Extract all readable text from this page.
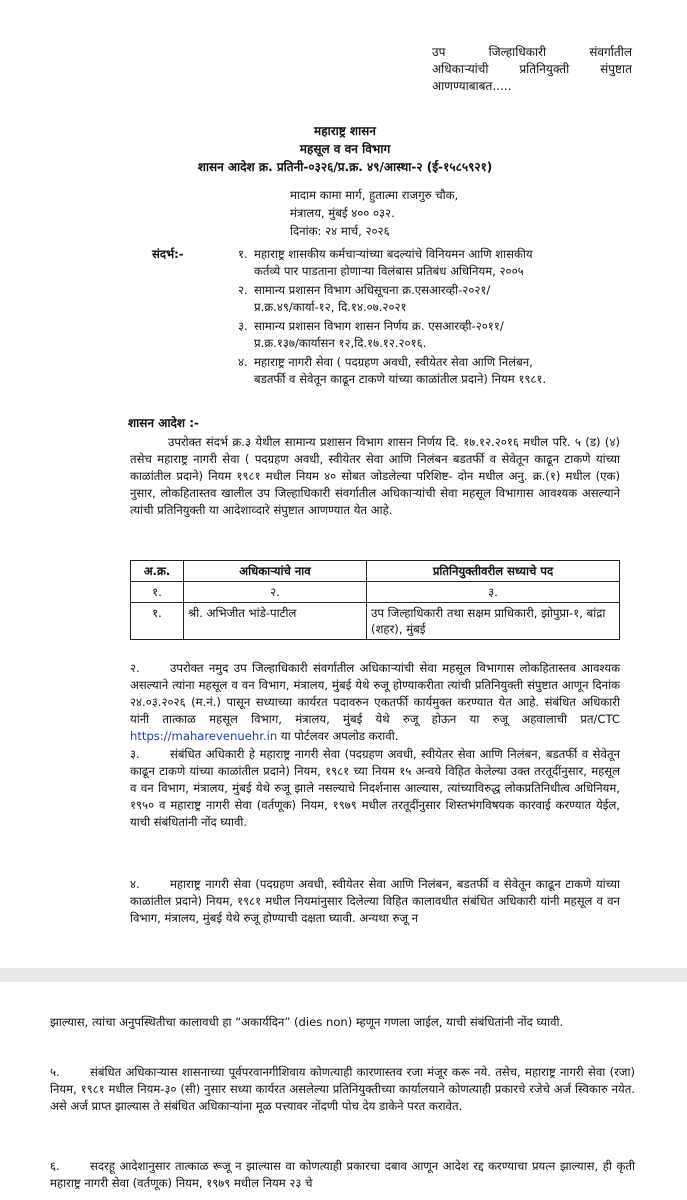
उप जिल्हाधिकारी संवर्गातील
अधिकाऱ्यांची प्रतिनियुक्ती संपुष्टात
आणण्याबाबत.....
महाराष्ट्र शासन
महसूल व वन विभाग
शासन आदेश क्र. प्रतिनी-०३२६/प्र.क्र. ४९/आस्था-२ (ई-१५८५९२१)
मादाम कामा मार्ग, हुतात्मा राजगुरु चौक,
मंत्रालय, मुंबई ४०० ०३२.
दिनांक: २४ मार्च, २०२६
संदर्भ:-	१. महाराष्ट्र शासकीय कर्मचाऱ्यांच्या बदल्यांचे विनियमन आणि शासकीय
कर्तव्ये पार पाडताना होणाऱ्या विलंबास प्रतिबंध अधिनियम, २००५
२. सामान्य प्रशासन विभाग अधिसूचना क्र.एसआरव्ही-२०२१/
प्र.क्र.४९/कार्या-१२, दि.१४.०७.२०२१
३. सामान्य प्रशासन विभाग शासन निर्णय क्र. एसआरव्ही-२०११/
प्र.क्र.१३७/कार्यासन १२,दि.१७.१२.२०१६.
४. महाराष्ट्र नागरी सेवा ( पदग्रहण अवधी, स्वीयेतर सेवा आणि निलंबन,
बडतर्फी व सेवेतून काढून टाकणे यांच्या काळांतील प्रदाने) नियम १९८१.
शासन आदेश :-
उपरोक्त संदर्भ क्र.३ येथील सामान्य प्रशासन विभाग शासन निर्णय दि. १७.१२.२०१६ मधील परि. ५ (ड) (४) तसेच महाराष्ट्र नागरी सेवा ( पदग्रहण अवधी, स्वीयेतर सेवा आणि निलंबन बडतर्फी व सेवेतून काढून टाकणे यांच्या काळांतील प्रदाने) नियम १९८१ मधील नियम ४० सोबत जोडलेल्या परिशिष्ट- दोन मधील अनु. क्र.(१) मधील (एक) नुसार, लोकहितास्तव खालील उप जिल्हाधिकारी संवर्गातील अधिकाऱ्यांची सेवा महसूल विभागास आवश्यक असल्याने त्यांची प्रतिनियुक्ती या आदेशाव्दारे संपुष्टात आणण्यात येत आहे.
अ.क्र.	अधिकाऱ्यांचे नाव	प्रतिनियुक्तीवरील सध्याचे पद
१.	२.	३.
१.	श्री. अभिजीत भांडे-पाटील	उप जिल्हाधिकारी तथा सक्षम प्राधिकारी, झोपुप्रा-१, बांद्रा (शहर), मुंबई
२.	उपरोक्त नमुद उप जिल्हाधिकारी संवर्गातील अधिकाऱ्यांची सेवा महसूल विभागास लोकहितास्तव आवश्यक असल्याने त्यांना महसूल व वन विभाग, मंत्रालय, मुंबई येथे रुजू होण्याकरीता त्यांची प्रतिनियुक्ती संपुष्टात आणून दिनांक २४.०३.२०२६ (म.नं.) पासून सध्याच्या कार्यरत पदावरुन एकतर्फी कार्यमुक्त करण्यात येत आहे. संबंधित अधिकारी यांनी तात्काळ महसूल विभाग, मंत्रालय, मुंबई येथे रुजू होऊन या रुजू अहवालाची प्रत/CTC https://maharevenuehr.in या पोर्टलवर अपलोड करावी.
३.	संबंधित अधिकारी हे महाराष्ट्र नागरी सेवा (पदग्रहण अवधी, स्वीयेतर सेवा आणि निलंबन, बडतर्फी व सेवेतून काढून टाकणे यांच्या काळांतील प्रदाने) नियम, १९८१ च्या नियम १५ अन्वये विहित केलेल्या उक्त तरतूदींनुसार, महसूल व वन विभाग, मंत्रालय, मुंबई येथे रुजू झाले नसल्याचे निदर्शनास आल्यास, त्यांच्याविरुद्ध लोकप्रतिनिधीत्व अधिनियम, १९५० व महाराष्ट्र नागरी सेवा (वर्तणूक) नियम, १९७९ मधील तरतूदींनुसार शिस्तभंगविषयक कारवाई करण्यात येईल, याची संबंधितांनी नोंद घ्यावी.
४.	महाराष्ट्र नागरी सेवा (पदग्रहण अवधी, स्वीयेतर सेवा आणि निलंबन, बडतर्फी व सेवेतून काढून टाकणे यांच्या काळांतील प्रदाने) नियम, १९८१ मधील नियमांनुसार दिलेल्या विहित कालावधीत संबंधित अधिकारी यांनी महसूल व वन विभाग, मंत्रालय, मुंबई येथे रुजू होण्याची दक्षता घ्यावी. अन्यथा रुजू न
झाल्यास, त्यांचा अनुपस्थितीचा कालावधी हा “अकार्यदिन” (dies non) म्हणून गणला जाईल, याची संबंधितांनी नोंद घ्यावी.
५.	संबंधित अधिकाऱ्यास शासनाच्या पूर्वपरवानगीशिवाय कोणत्याही कारणास्तव रजा मंजूर करू नये. तसेच, महाराष्ट्र नागरी सेवा (रजा) नियम, १९८१ मधील नियम-३० (सी) नुसार सध्या कार्यरत असलेल्या प्रतिनियुक्तीच्या कार्यालयाने कोणत्याही प्रकारचे रजेचे अर्ज स्विकारु नयेत. असे अर्ज प्राप्त झाल्यास ते संबंधित अधिकाऱ्यांना मूळ पत्त्यावर नोंदणी पोच देय डाकेने परत करावेत.
६.	सदरहू आदेशानुसार तात्काळ रूजू न झाल्यास वा कोणत्याही प्रकारचा दबाव आणून आदेश रद्द करण्याचा प्रयत्न झाल्यास, ही कृती महाराष्ट्र नागरी सेवा (वर्तणूक) नियम, १९७९ मधील नियम २३ चे
